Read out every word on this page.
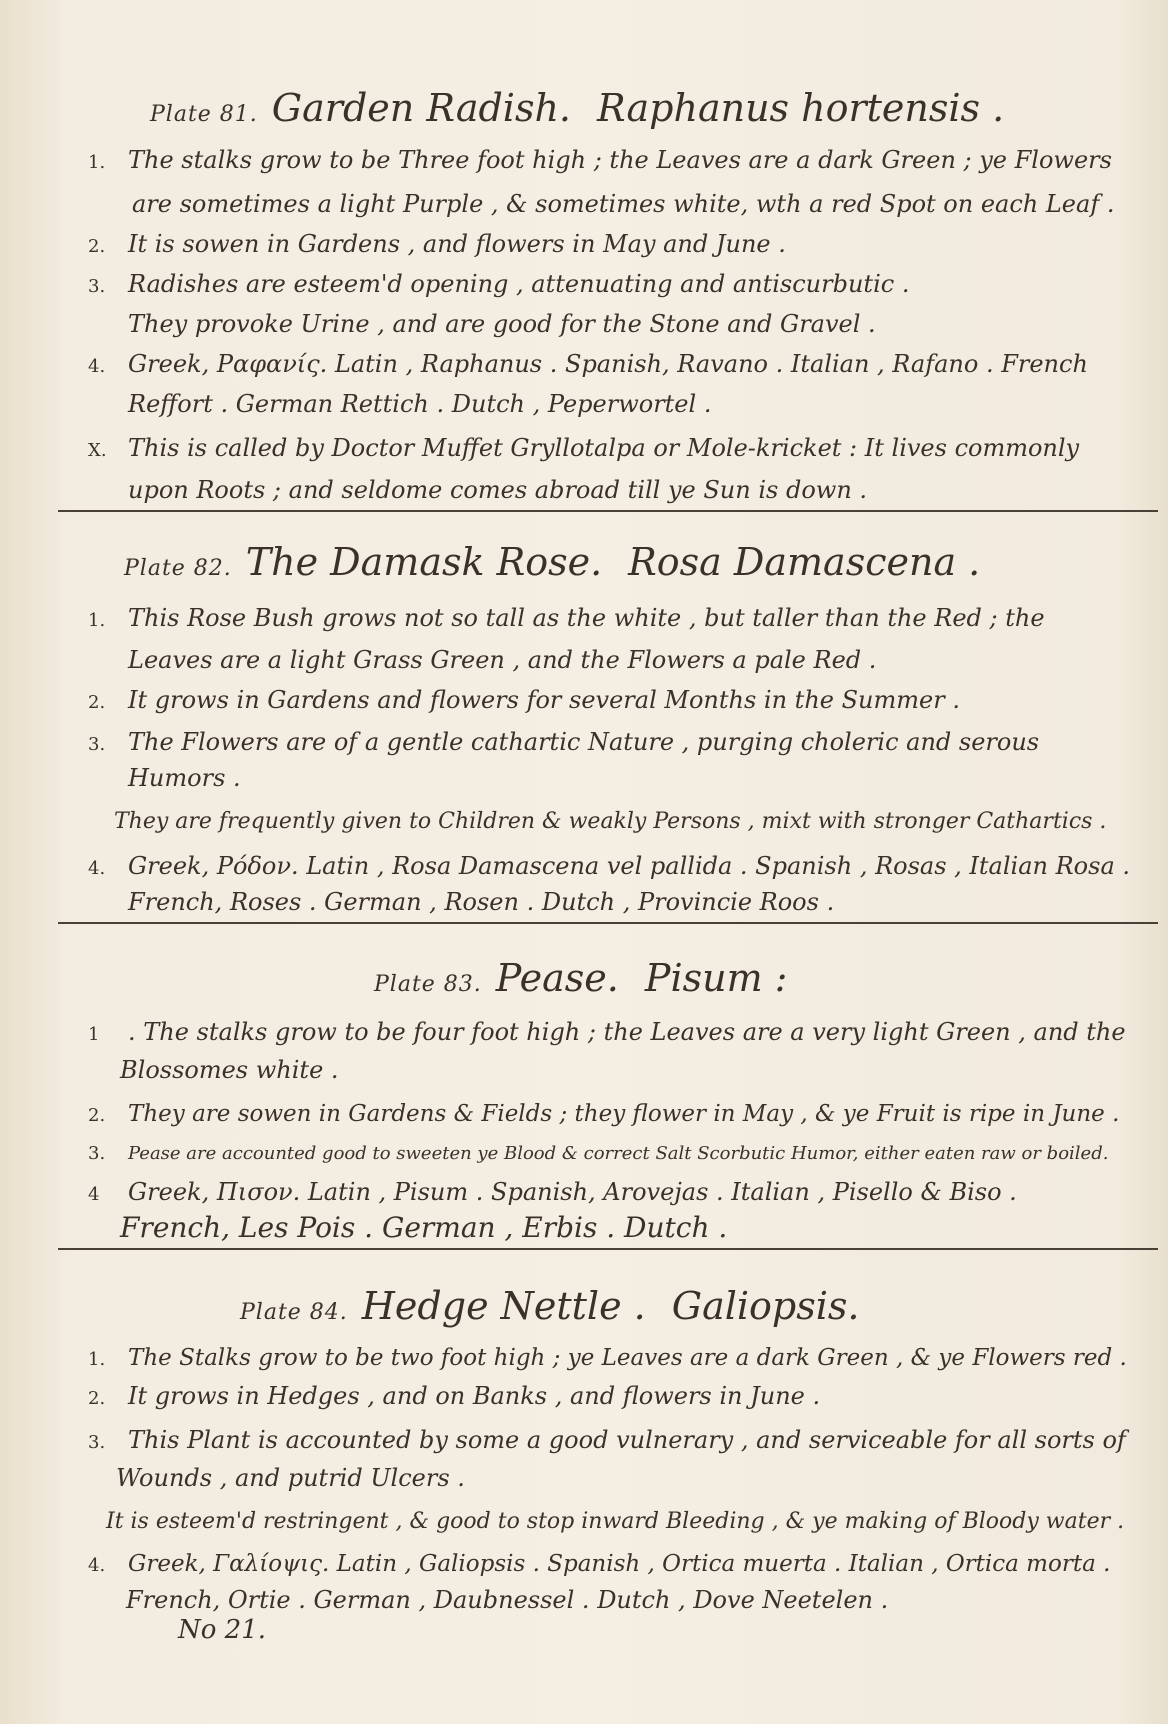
Plate 81. Garden Radish. Raphanus hortensis .
1. The stalks grow to be Three foot high ; the Leaves are a dark Green ; ye Flowers
are sometimes a light Purple , & sometimes white, wth a red Spot on each Leaf .
2. It is sowen in Gardens , and flowers in May and June .
3. Radishes are esteem'd opening , attenuating and antiscurbutic .
They provoke Urine , and are good for the Stone and Gravel .
4. Greek, Ραφανίς. Latin , Raphanus . Spanish, Ravano . Italian , Rafano . French
Reffort . German Rettich . Dutch , Peperwortel .
X. This is called by Doctor Muffet Gryllotalpa or Mole-kricket : It lives commonly
upon Roots ; and seldome comes abroad till ye Sun is down .
Plate 82. The Damask Rose. Rosa Damascena .
1. This Rose Bush grows not so tall as the white , but taller than the Red ; the
Leaves are a light Grass Green , and the Flowers a pale Red .
2. It grows in Gardens and flowers for several Months in the Summer .
3. The Flowers are of a gentle cathartic Nature , purging choleric and serous
Humors .
They are frequently given to Children & weakly Persons , mixt with stronger Cathartics .
4. Greek, Ρόδον. Latin , Rosa Damascena vel pallida . Spanish , Rosas , Italian Rosa .
French, Roses . German , Rosen . Dutch , Provincie Roos .
Plate 83. Pease. Pisum :
1 . The stalks grow to be four foot high ; the Leaves are a very light Green , and the
Blossomes white .
2. They are sowen in Gardens & Fields ; they flower in May , & ye Fruit is ripe in June .
3. Pease are accounted good to sweeten ye Blood & correct Salt Scorbutic Humor, either eaten raw or boiled.
4 Greek, Πισον. Latin , Pisum . Spanish, Arovejas . Italian , Pisello & Biso .
French, Les Pois . German , Erbis . Dutch .
Plate 84. Hedge Nettle . Galiopsis.
1. The Stalks grow to be two foot high ; ye Leaves are a dark Green , & ye Flowers red .
2. It grows in Hedges , and on Banks , and flowers in June .
3. This Plant is accounted by some a good vulnerary , and serviceable for all sorts of
Wounds , and putrid Ulcers .
It is esteem'd restringent , & good to stop inward Bleeding , & ye making of Bloody water .
4. Greek, Γαλίοψις. Latin , Galiopsis . Spanish , Ortica muerta . Italian , Ortica morta .
French, Ortie . German , Daubnessel . Dutch , Dove Neetelen .
No 21.
